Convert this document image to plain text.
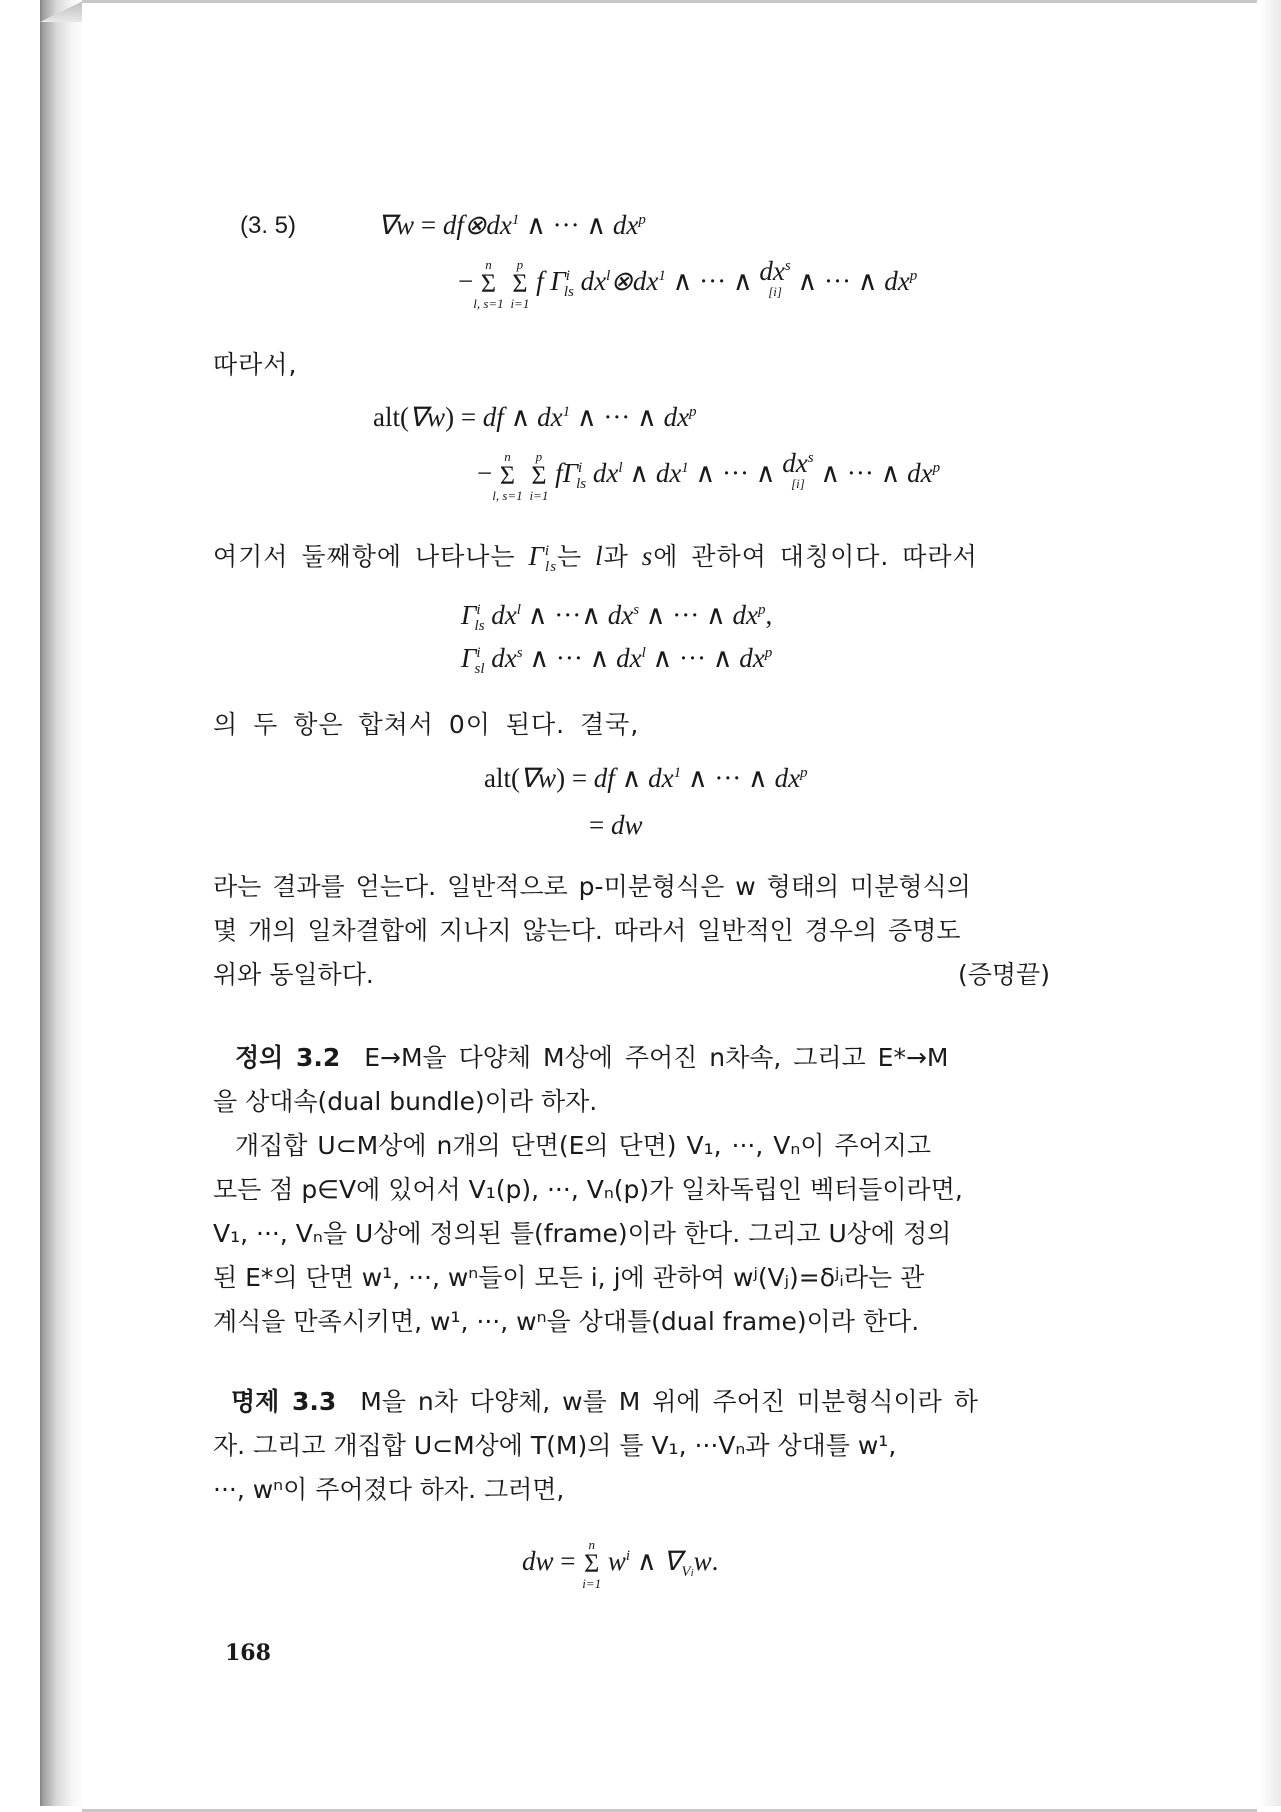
(3. 5)	$\nabla w = df\otimes dx^1$ ∧ ··· ∧ $dx^p$
−
n
Σ
l, s=1

p
Σ
i=1
f $\Gamma^i_{ls}$ $dx^l\otimes dx^1$ ∧ ··· ∧ $dx^s$
[i] ∧ ··· ∧ $dx^p$
따라서,
alt(∇w) = df ∧ $dx^1$ ∧ ··· ∧ $dx^p$
−
n
Σ
l, s=1

p
Σ
i=1
$f\Gamma^i_{ls}$ $dx^l$ ∧ $dx^1$ ∧ ··· ∧ $dx^s$
[i] ∧ ··· ∧ $dx^p$
여기서 둘째항에 나타나는 $\Gamma^i_{ls}$는 l과 s에 관하여 대칭이다. 따라서
$\Gamma^i_{ls}$ $dx^l$ ∧ ···∧ $dx^s$ ∧ ··· ∧ $dx^p$,
$\Gamma^i_{sl}$ $dx^s$ ∧ ··· ∧ $dx^l$ ∧ ··· ∧ $dx^p$
의 두 항은 합쳐서 0이 된다. 결국,
alt(∇w) = df ∧ $dx^1$ ∧ ··· ∧ $dx^p$
= dw
라는 결과를 얻는다. 일반적으로 p-미분형식은 w 형태의 미분형식의
몇 개의 일차결합에 지나지 않는다. 따라서 일반적인 경우의 증명도
위와 동일하다.	(증명끝)
정의 3.2 E→M을 다양체 M상에 주어진 n차속, 그리고 E*→M
을 상대속(dual bundle)이라 하자.
개집합 U⊂M상에 n개의 단면(E의 단면) V₁, ···, Vₙ이 주어지고
모든 점 p∈V에 있어서 V₁(p), ···, Vₙ(p)가 일차독립인 벡터들이라면,
V₁, ···, Vₙ을 U상에 정의된 틀(frame)이라 한다. 그리고 U상에 정의
된 E*의 단면 w¹, ···, wⁿ들이 모든 i, j에 관하여 wʲ(Vⱼ)=δʲᵢ라는 관
계식을 만족시키면, w¹, ···, wⁿ을 상대틀(dual frame)이라 한다.
명제 3.3 M을 n차 다양체, w를 M 위에 주어진 미분형식이라 하
자. 그리고 개집합 U⊂M상에 T(M)의 틀 V₁, ···Vₙ과 상대틀 w¹,
···, wⁿ이 주어졌다 하자. 그러면,
dw =
n
Σ
i=1
$w^i$ ∧ $\nabla_{Vi}w$.
168
